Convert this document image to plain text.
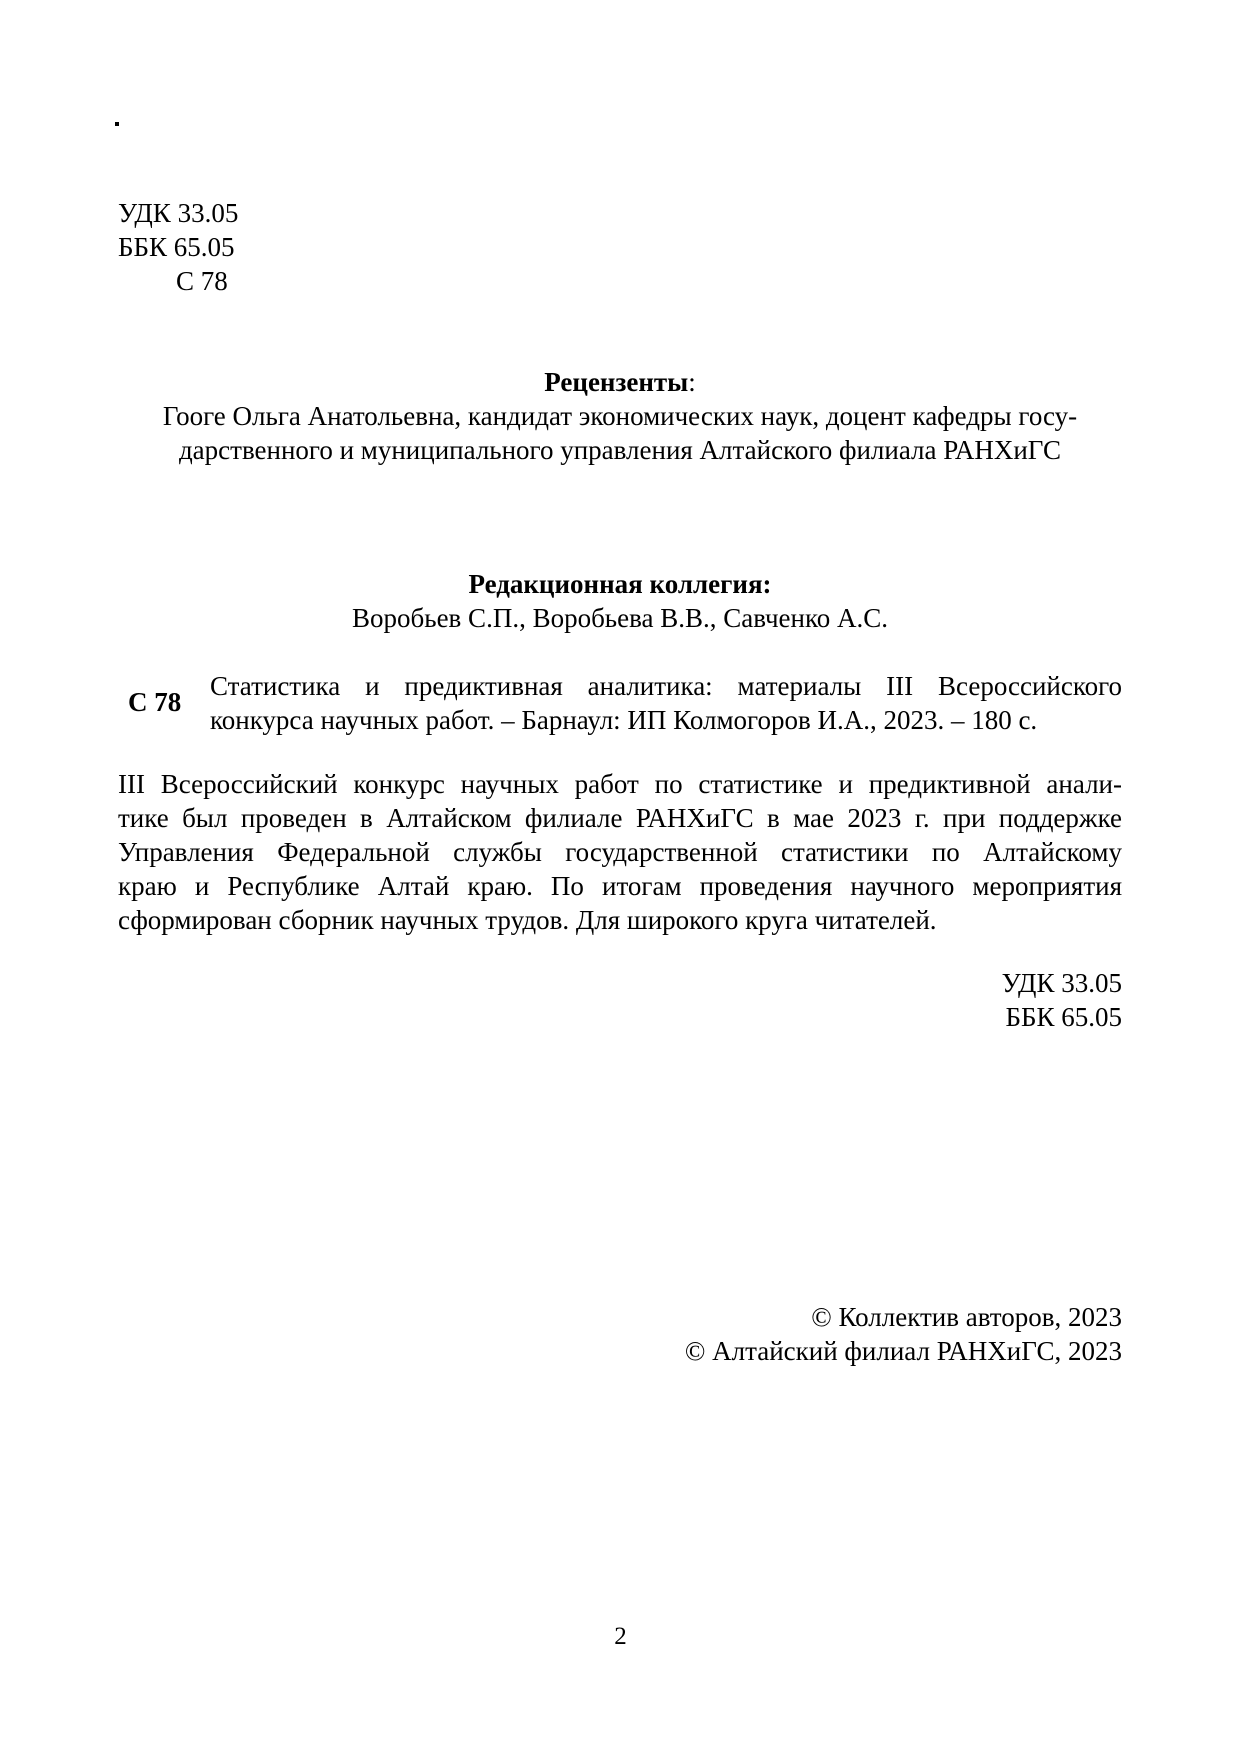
УДК 33.05
ББК 65.05
С 78
Рецензенты:
Гооге Ольга Анатольевна, кандидат экономических наук, доцент кафедры госу-
дарственного и муниципального управления Алтайского филиала РАНХиГС
Редакционная коллегия:
Воробьев С.П., Воробьева В.В., Савченко А.С.
С 78
Статистика и предиктивная аналитика: материалы III Всероссийского
конкурса научных работ. – Барнаул: ИП Колмогоров И.А., 2023. – 180 с.
III Всероссийский конкурс научных работ по статистике и предиктивной анали-
тике был проведен в Алтайском филиале РАНХиГС в мае 2023 г. при поддержке
Управления Федеральной службы государственной статистики по Алтайскому
краю и Республике Алтай краю. По итогам проведения научного мероприятия
сформирован сборник научных трудов. Для широкого круга читателей.
УДК 33.05
ББК 65.05
© Коллектив авторов, 2023
© Алтайский филиал РАНХиГС, 2023
2
